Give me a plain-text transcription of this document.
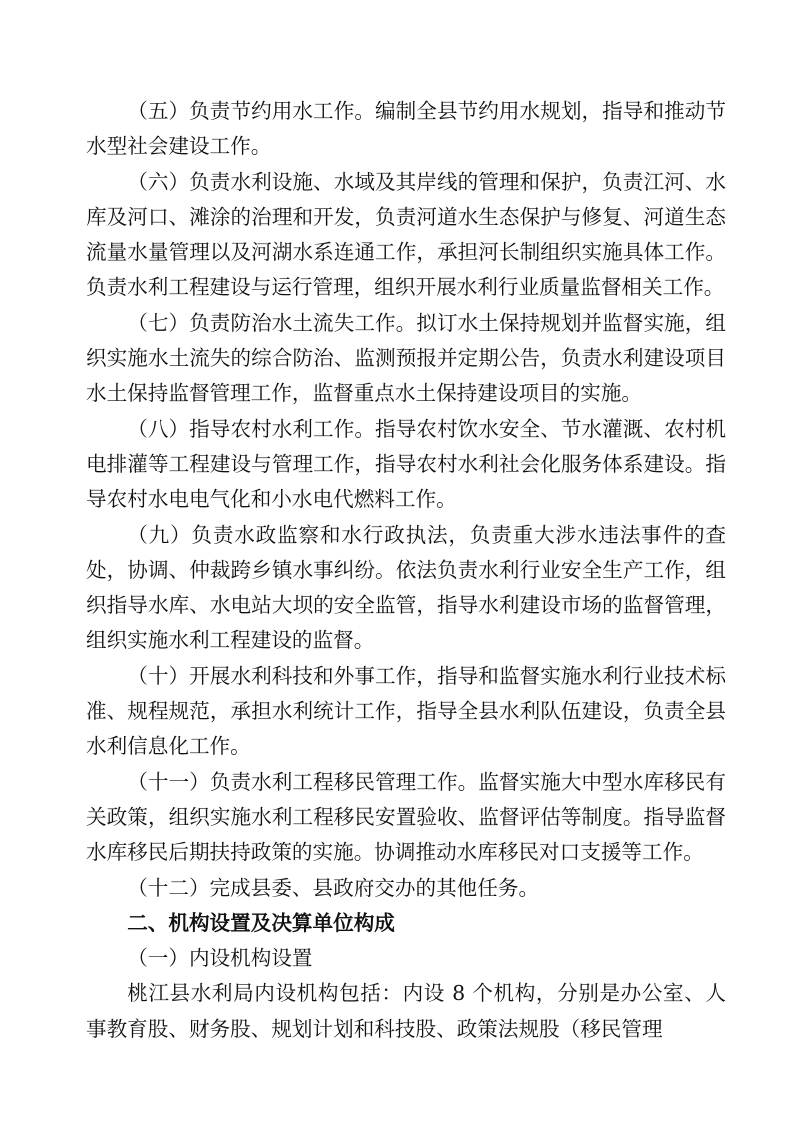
（五）负责节约用水工作。编制全县节约用水规划，指导和推动节水型社会建设工作。

（六）负责水利设施、水域及其岸线的管理和保护，负责江河、水库及河口、滩涂的治理和开发，负责河道水生态保护与修复、河道生态流量水量管理以及河湖水系连通工作，承担河长制组织实施具体工作。负责水利工程建设与运行管理，组织开展水利行业质量监督相关工作。

（七）负责防治水土流失工作。拟订水土保持规划并监督实施，组织实施水土流失的综合防治、监测预报并定期公告，负责水利建设项目水土保持监督管理工作，监督重点水土保持建设项目的实施。

（八）指导农村水利工作。指导农村饮水安全、节水灌溉、农村机电排灌等工程建设与管理工作，指导农村水利社会化服务体系建设。指导农村水电电气化和小水电代燃料工作。

（九）负责水政监察和水行政执法，负责重大涉水违法事件的查处，协调、仲裁跨乡镇水事纠纷。依法负责水利行业安全生产工作，组织指导水库、水电站大坝的安全监管，指导水利建设市场的监督管理，组织实施水利工程建设的监督。

（十）开展水利科技和外事工作，指导和监督实施水利行业技术标准、规程规范，承担水利统计工作，指导全县水利队伍建设，负责全县水利信息化工作。

（十一）负责水利工程移民管理工作。监督实施大中型水库移民有关政策，组织实施水利工程移民安置验收、监督评估等制度。指导监督水库移民后期扶持政策的实施。协调推动水库移民对口支援等工作。

（十二）完成县委、县政府交办的其他任务。

二、机构设置及决算单位构成

（一）内设机构设置

桃江县水利局内设机构包括：内设 8 个机构，分别是办公室、人事教育股、财务股、规划计划和科技股、政策法规股（移民管理
